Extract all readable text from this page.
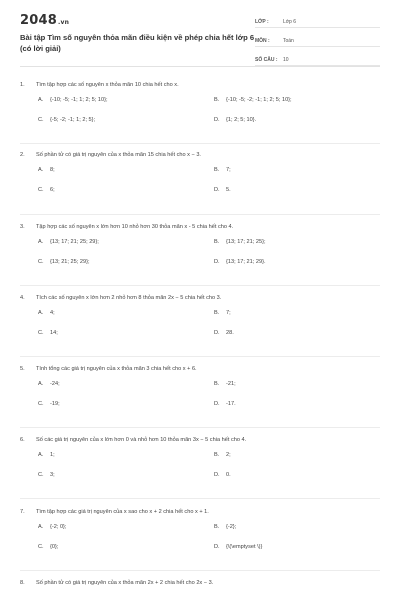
2048.vn
Bài tập Tìm số nguyên thỏa mãn điều kiện về phép chia hết lớp 6 (có lời giải)
LỚP :	Lớp 6
MÔN :	Toán
SỐ CÂU :	10
1.	Tìm tập hợp các số nguyên x thỏa mãn 10 chia hết cho x.
A.	{-10; -5; -1; 1; 2; 5; 10};	B.	{-10; -5; -2; -1; 1; 2; 5; 10};
C.	{-5; -2; -1; 1; 2; 5};	D.	{1; 2; 5; 10}.
2.	Số phần tử có giá trị nguyên của x thỏa mãn 15 chia hết cho x − 3.
A.	8;	B.	7;
C.	6;	D.	5.
3.	Tập hợp các số nguyên x lớn hơn 10 nhỏ hơn 30 thỏa mãn x - 5 chia hết cho 4.
A.	{13; 17; 21; 25; 29};	B.	{13; 17; 21; 25};
C.	{13; 21; 25; 29};	D.	{13; 17; 21; 29}.
4.	Tích các số nguyên x lớn hơn 2 nhỏ hơn 8 thỏa mãn 2x − 5 chia hết cho 3.
A.	4;	B.	7;
C.	14;	D.	28.
5.	Tính tổng các giá trị nguyên của x thỏa mãn 3 chia hết cho x + 6.
A.	-24;	B.	-21;
C.	-19;	D.	-17.
6.	Số các giá trị nguyên của x lớn hơn 0 và nhỏ hơn 10 thỏa mãn 3x − 5 chia hết cho 4.
A.	1;	B.	2;
C.	3;	D.	0.
7.	Tìm tập hợp các giá trị nguyên của x sao cho x + 2 chia hết cho x + 1.
A.	{-2; 0};	B.	{-2};
C.	{0};	D.	{\(\emptyset \)}
8.	Số phần tử có giá trị nguyên của x thỏa mãn 2x + 2 chia hết cho 2x − 3.
